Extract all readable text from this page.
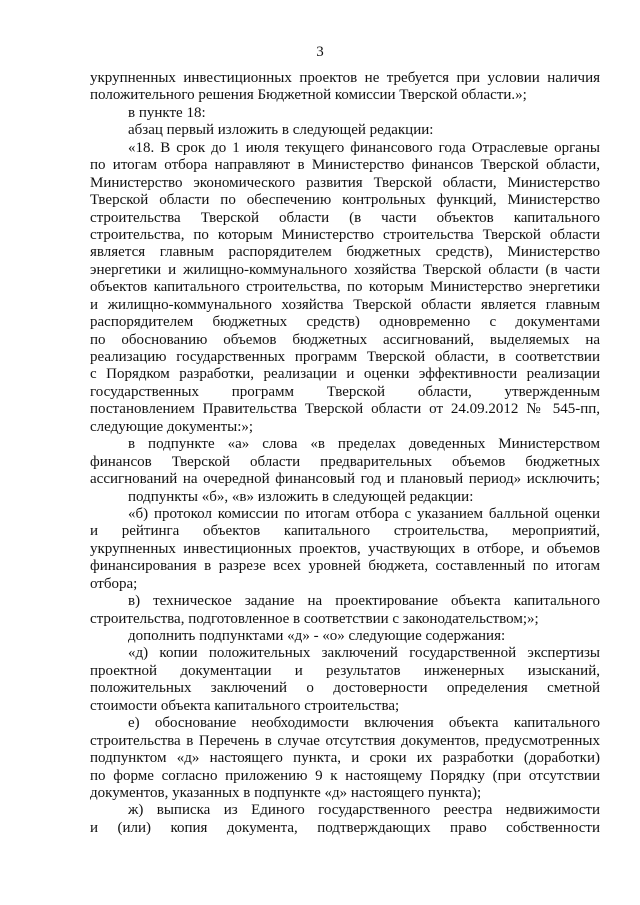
3
укрупненных инвестиционных проектов не требуется при условии наличия
положительного решения Бюджетной комиссии Тверской области.»;
в пункте 18:
абзац первый изложить в следующей редакции:
«18. В срок до 1 июля текущего финансового года Отраслевые органы
по итогам отбора направляют в Министерство финансов Тверской области,
Министерство экономического развития Тверской области, Министерство
Тверской области по обеспечению контрольных функций, Министерство
строительства Тверской области (в части объектов капитального
строительства, по которым Министерство строительства Тверской области
является главным распорядителем бюджетных средств), Министерство
энергетики и жилищно-коммунального хозяйства Тверской области (в части
объектов капитального строительства, по которым Министерство энергетики
и жилищно-коммунального хозяйства Тверской области является главным
распорядителем бюджетных средств) одновременно с документами
по обоснованию объемов бюджетных ассигнований, выделяемых на
реализацию государственных программ Тверской области, в соответствии
с Порядком разработки, реализации и оценки эффективности реализации
государственных программ Тверской области, утвержденным
постановлением Правительства Тверской области от 24.09.2012 № 545-пп,
следующие документы:»;
в подпункте «а» слова «в пределах доведенных Министерством
финансов Тверской области предварительных объемов бюджетных
ассигнований на очередной финансовый год и плановый период» исключить;
подпункты «б», «в» изложить в следующей редакции:
«б) протокол комиссии по итогам отбора с указанием балльной оценки
и рейтинга объектов капитального строительства, мероприятий,
укрупненных инвестиционных проектов, участвующих в отборе, и объемов
финансирования в разрезе всех уровней бюджета, составленный по итогам
отбора;
в) техническое задание на проектирование объекта капитального
строительства, подготовленное в соответствии с законодательством;»;
дополнить подпунктами «д» - «о» следующие содержания:
«д) копии положительных заключений государственной экспертизы
проектной документации и результатов инженерных изысканий,
положительных заключений о достоверности определения сметной
стоимости объекта капитального строительства;
е) обоснование необходимости включения объекта капитального
строительства в Перечень в случае отсутствия документов, предусмотренных
подпунктом «д» настоящего пункта, и сроки их разработки (доработки)
по форме согласно приложению 9 к настоящему Порядку (при отсутствии
документов, указанных в подпункте «д» настоящего пункта);
ж) выписка из Единого государственного реестра недвижимости
и (или) копия документа, подтверждающих право собственности
